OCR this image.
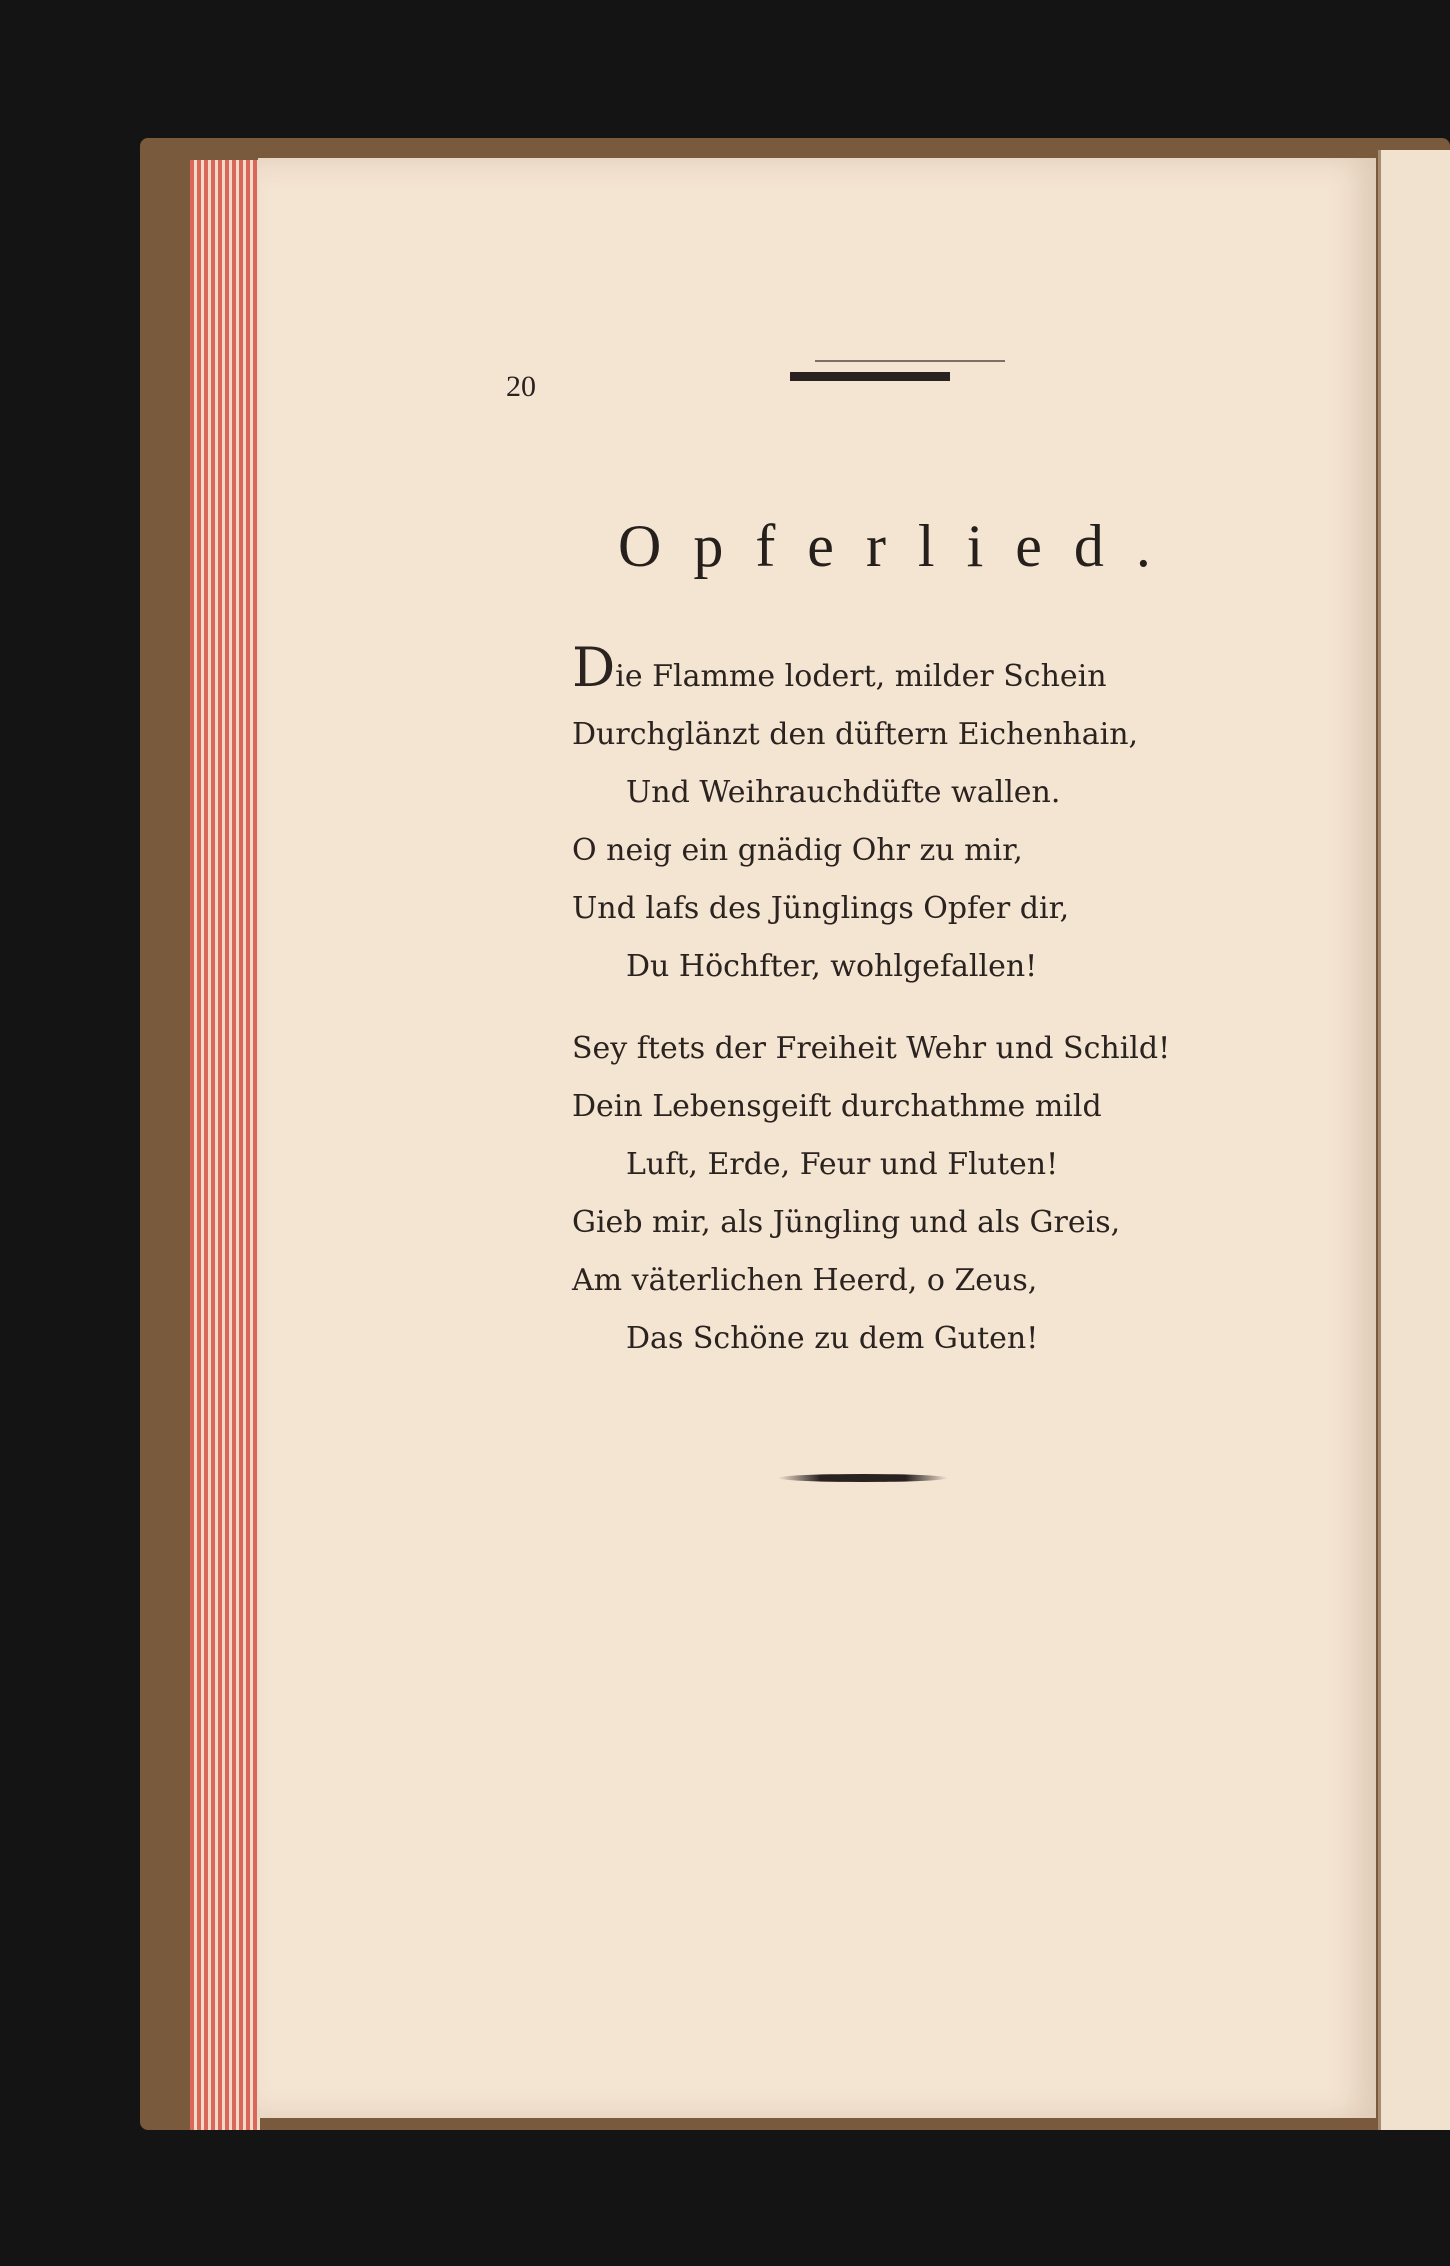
20
Opferlied.
Die Flamme lodert, milder Schein
Durchglänzt den düftern Eichenhain,
Und Weihrauchdüfte wallen.
O neig ein gnädig Ohr zu mir,
Und lafs des Jünglings Opfer dir,
Du Höchfter, wohlgefallen!
Sey ftets der Freiheit Wehr und Schild!
Dein Lebensgeift durchathme mild
Luft, Erde, Feur und Fluten!
Gieb mir, als Jüngling und als Greis,
Am väterlichen Heerd, o Zeus,
Das Schöne zu dem Guten!
